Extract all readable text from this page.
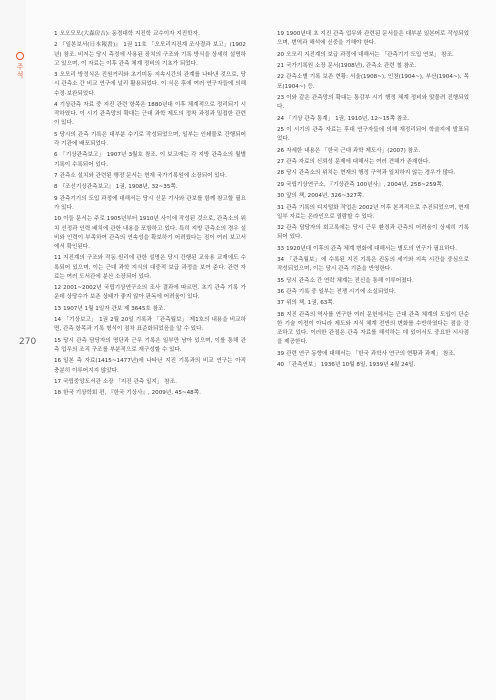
주석
270

1 오오모모(大森房吉): 동경대학 지진학 교수이자 지진학자.

2 『일본보서(日本報書)』 1권 11호 「오모리지진계 조사결과 보고」(1902년) 참조. 비저는 당시 측정에 사용된 장치의 구조와 기록 방식을 상세히 설명하고 있으며, 이 자료는 이후 관측 체계 정비의 기초가 되었다.

3 오모리 방정식은 진원거리와 초기미동 지속시간의 관계를 나타낸 것으로, 당시 관측소 간 비교 연구에 널리 활용되었다. 이 식은 후에 여러 연구자들에 의해 수정·보완되었다.

4 기상관측 자료 중 지진 관련 항목은 1880년대 이후 체계적으로 정리되기 시작하였다. 이 시기 관측망의 확대는 근대 과학 제도의 정착 과정과 밀접한 관련이 있다.

5 당시의 관측 기록은 대부분 수기로 작성되었으며, 일부는 인쇄물로 간행되어 각 기관에 배포되었다.

6 「기상관측보고」 1907년 3월호 참조. 이 보고에는 각 지방 관측소의 월별 기록이 수록되어 있다.

7 관측소 설치와 관련된 행정 문서는 현재 국가기록원에 소장되어 있다.

8 『조선기상관측보고』 1권, 1908년, 32~35쪽.

9 관측기기의 도입 과정에 대해서는 당시 신문 기사와 관보를 함께 참고할 필요가 있다.

10 이들 문서는 주로 1905년부터 1910년 사이에 작성된 것으로, 관측소의 위치 선정과 인력 배치에 관한 내용을 포함하고 있다. 특히 지방 관측소의 경우 설비와 인력이 부족하여 관측의 연속성을 확보하기 어려웠다는 점이 여러 보고서에서 확인된다.

11 지진계의 구조와 작동 원리에 관한 설명은 당시 간행된 교육용 교재에도 수록되어 있으며, 이는 근대 과학 지식의 대중적 보급 과정을 보여 준다. 관련 자료는 여러 도서관에 분산 소장되어 있다.

12 2001~2002년 국립기상연구소의 조사 결과에 따르면, 초기 관측 기록 가운데 상당수가 보존 상태가 좋지 않아 판독에 어려움이 있다.

13 1907년 1월 1일자 관보 제 3645호 참조.

14 「기상보고」 1권 2월 20일 기록과 「관측월보」 제1호의 내용을 비교하면, 관측 항목과 기록 형식이 점차 표준화되었음을 알 수 있다.

15 당시 관측 담당자의 명단과 근무 기록은 일부만 남아 있으며, 이를 통해 관측 업무의 조직 구조를 부분적으로 재구성할 수 있다.

16 일본 측 자료(1415~1477년)에 나타난 지진 기록과의 비교 연구는 아직 충분히 이루어지지 않았다.

17 국립중앙도서관 소장 「지진 관측 일지」 참조.

18 한국 기상학회 편, 『한국 기상사』, 2009년, 45~48쪽.

19 1900년대 초 지진 관측 업무와 관련된 문서들은 대부분 일본어로 작성되었으며, 번역과 해석에 신중을 기해야 한다.

20 오모리 지진계의 보급 과정에 대해서는 「관측기기 도입 연보」 참조.

21 국가기록원 소장 문서(1908년), 관측소 관련 철 참조.

22 관측소별 기록 보존 현황: 서울(1908~), 인천(1904~), 부산(1904~), 목포(1904~) 등.

23 이와 같은 관측망의 확대는 통감부 시기 행정 체계 정비와 맞물려 진행되었다.

24 「기상 관측 통계」 1권, 1910년, 12~15쪽 참조.

25 이 시기의 관측 자료는 후대 연구자들에 의해 재정리되어 학술지에 발표되었다.

26 자세한 내용은 「한국 근대 과학 제도사」(2007) 참조.

27 관측 자료의 신뢰성 문제에 대해서는 여러 견해가 존재한다.

28 당시 관측소의 위치는 현재의 행정 구역과 일치하지 않는 경우가 많다.

29 국립기상연구소, 『기상관측 100년사』, 2004년, 258~259쪽.

30 앞의 책, 2004년, 326~327쪽.

31 관측 기록의 디지털화 작업은 2002년 이후 본격적으로 추진되었으며, 현재 일부 자료는 온라인으로 열람할 수 있다.

32 관측 담당자의 회고록에는 당시 근무 환경과 관측의 어려움이 상세히 기록되어 있다.

33 1920년대 이후의 관측 체계 변화에 대해서는 별도의 연구가 필요하다.

34 「관측월보」에 수록된 지진 기록은 진동의 세기와 지속 시간을 중심으로 작성되었으며, 이는 당시 관측 기준을 반영한다.

35 당시 관측소 간 연락 체계는 전신을 통해 이루어졌다.

36 관측 기록 중 일부는 전쟁 시기에 소실되었다.

37 위의 책, 1권, 63쪽.

38 지진 관측의 역사를 연구한 여러 문헌에서는 근대 관측 체계의 도입이 단순한 기술 이전이 아니라 제도와 지식 체계 전반의 변화를 수반하였다는 점을 강조하고 있다. 이러한 관점은 관측 자료를 해석하는 데 있어서도 중요한 시사점을 제공한다.

39 관련 연구 동향에 대해서는 「한국 과학사 연구의 현황과 과제」 참조.

40 「관측연보」 1936년 10월 8일, 1939년 4월 24일.
